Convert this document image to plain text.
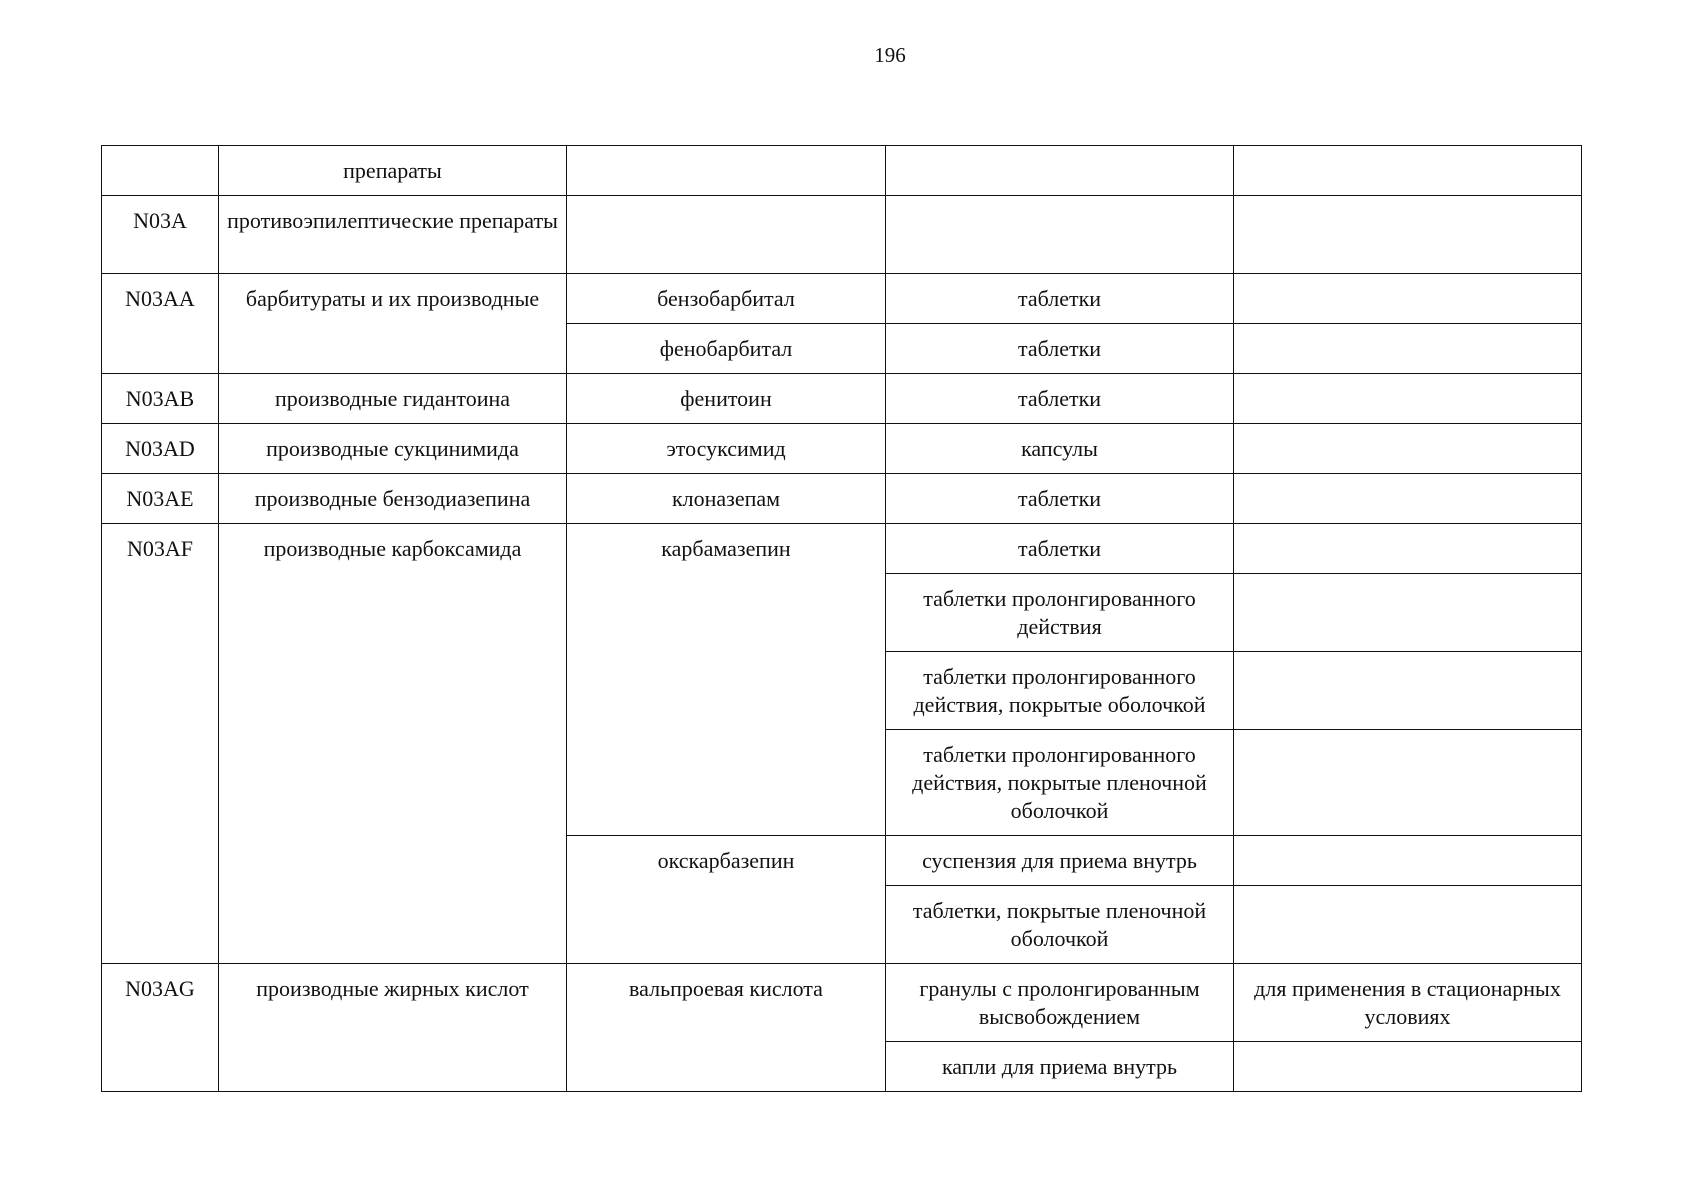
196
	препараты			
N03A	противоэпилептические препараты			
N03AA	барбитураты и их производные	бензобарбитал	таблетки	
		фенобарбитал	таблетки	
N03AB	производные гидантоина	фенитоин	таблетки	
N03AD	производные сукцинимида	этосуксимид	капсулы	
N03AE	производные бензодиазепина	клоназепам	таблетки	
N03AF	производные карбоксамида	карбамазепин	таблетки	
			таблетки пролонгированного действия	
			таблетки пролонгированного действия, покрытые оболочкой	
			таблетки пролонгированного действия, покрытые пленочной оболочкой	
		окскарбазепин	суспензия для приема внутрь	
			таблетки, покрытые пленочной оболочкой	
N03AG	производные жирных кислот	вальпроевая кислота	гранулы с пролонгированным высвобождением	для применения в стационарных условиях
			капли для приема внутрь	
